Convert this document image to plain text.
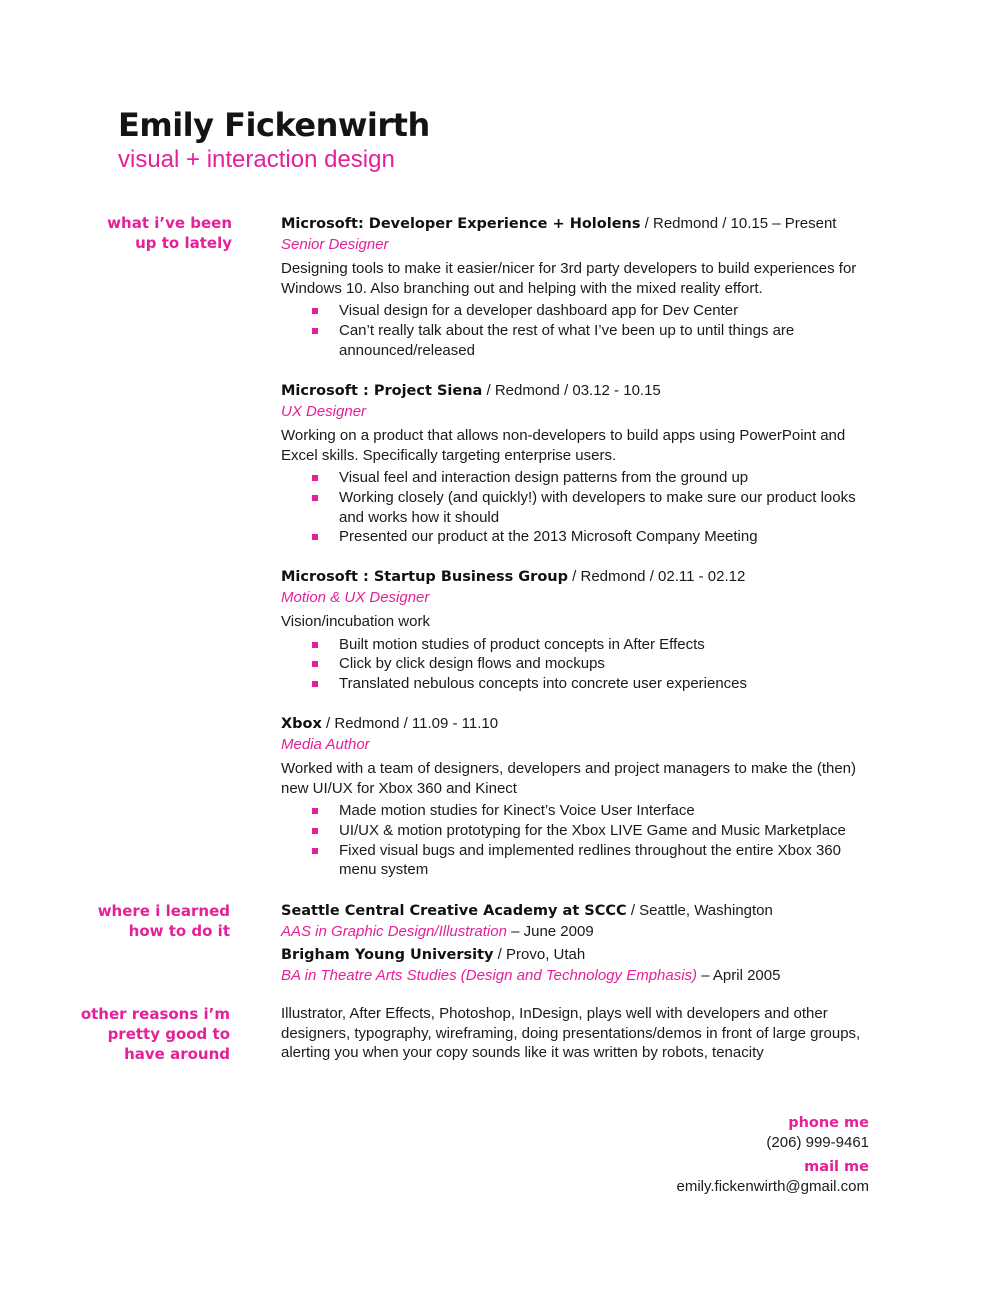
Emily Fickenwirth
visual + interaction design
what i’ve been
up to lately
where i learned
how to do it
other reasons i’m
pretty good to
have around
Microsoft: Developer Experience + Hololens / Redmond / 10.15 – Present
Senior Designer
Designing tools to make it easier/nicer for 3rd party developers to build experiences for Windows 10. Also branching out and helping with the mixed reality effort.
Visual design for a developer dashboard app for Dev Center
Can’t really talk about the rest of what I’ve been up to until things are announced/released
Microsoft : Project Siena / Redmond / 03.12 - 10.15
UX Designer
Working on a product that allows non-developers to build apps using PowerPoint and Excel skills. Specifically targeting enterprise users.
Visual feel and interaction design patterns from the ground up
Working closely (and quickly!) with developers to make sure our product looks and works how it should
Presented our product at the 2013 Microsoft Company Meeting
Microsoft : Startup Business Group / Redmond / 02.11 - 02.12
Motion & UX Designer
Vision/incubation work
Built motion studies of product concepts in After Effects
Click by click design flows and mockups
Translated nebulous concepts into concrete user experiences
Xbox / Redmond / 11.09 - 11.10
Media Author
Worked with a team of designers, developers and project managers to make the (then) new UI/UX for Xbox 360 and Kinect
Made motion studies for Kinect’s Voice User Interface
UI/UX & motion prototyping for the Xbox LIVE Game and Music Marketplace
Fixed visual bugs and implemented redlines throughout the entire Xbox 360 menu system
Seattle Central Creative Academy at SCCC / Seattle, Washington
AAS in Graphic Design/Illustration – June 2009
Brigham Young University / Provo, Utah
BA in Theatre Arts Studies (Design and Technology Emphasis) – April 2005
Illustrator, After Effects, Photoshop, InDesign, plays well with developers and other designers, typography, wireframing, doing presentations/demos in front of large groups, alerting you when your copy sounds like it was written by robots, tenacity
phone me
(206) 999-9461
mail me
emily.fickenwirth@gmail.com
